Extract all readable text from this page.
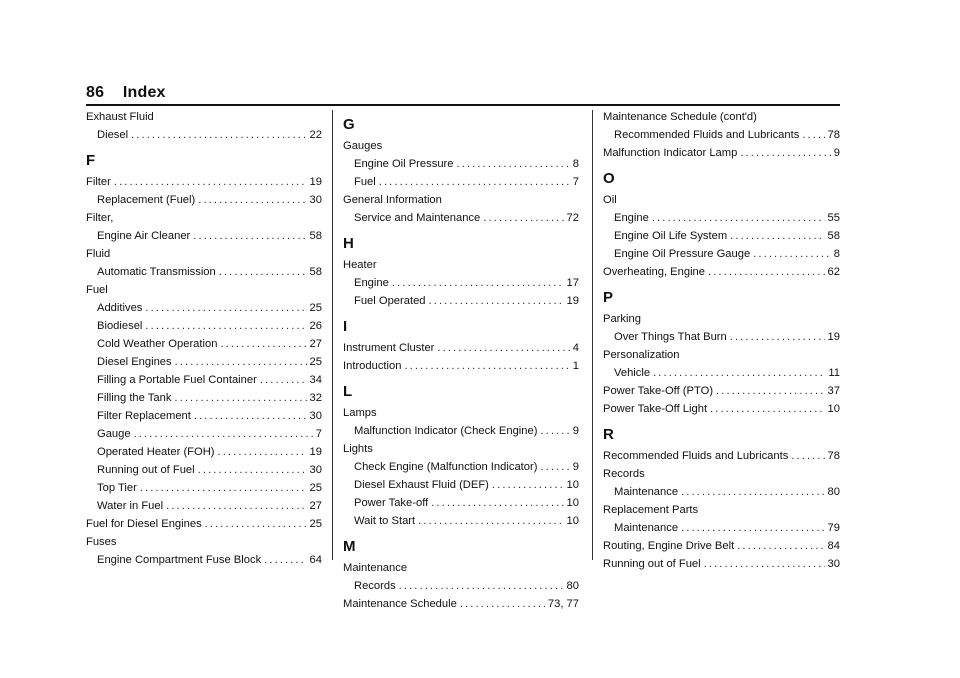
86 Index
Exhaust Fluid
Diesel .....	22
F
Filter .....	19
Replacement (Fuel) .....	30
Filter,
Engine Air Cleaner .....	58
Fluid
Automatic Transmission .....	58
Fuel
Additives .....	25
Biodiesel .....	26
Cold Weather Operation .....	27
Diesel Engines .....	25
Filling a Portable Fuel Container .....	34
Filling the Tank .....	32
Filter Replacement .....	30
Gauge .....	7
Operated Heater (FOH) .....	19
Running out of Fuel .....	30
Top Tier .....	25
Water in Fuel .....	27
Fuel for Diesel Engines .....	25
Fuses
Engine Compartment Fuse Block .....	64
G
Gauges
Engine Oil Pressure .....	8
Fuel .....	7
General Information
Service and Maintenance .....	72
H
Heater
Engine .....	17
Fuel Operated .....	19
I
Instrument Cluster .....	4
Introduction .....	1
L
Lamps
Malfunction Indicator (Check Engine) .....	9
Lights
Check Engine (Malfunction Indicator) .....	9
Diesel Exhaust Fluid (DEF) .....	10
Power Take-off .....	10
Wait to Start .....	10
M
Maintenance
Records .....	80
Maintenance Schedule .....	73, 77
Maintenance Schedule (cont'd)
Recommended Fluids and Lubricants .....	78
Malfunction Indicator Lamp .....	9
O
Oil
Engine .....	55
Engine Oil Life System .....	58
Engine Oil Pressure Gauge .....	8
Overheating, Engine .....	62
P
Parking
Over Things That Burn .....	19
Personalization
Vehicle .....	11
Power Take-Off (PTO) .....	37
Power Take-Off Light .....	10
R
Recommended Fluids and Lubricants .....	78
Records
Maintenance .....	80
Replacement Parts
Maintenance .....	79
Routing, Engine Drive Belt .....	84
Running out of Fuel .....	30
